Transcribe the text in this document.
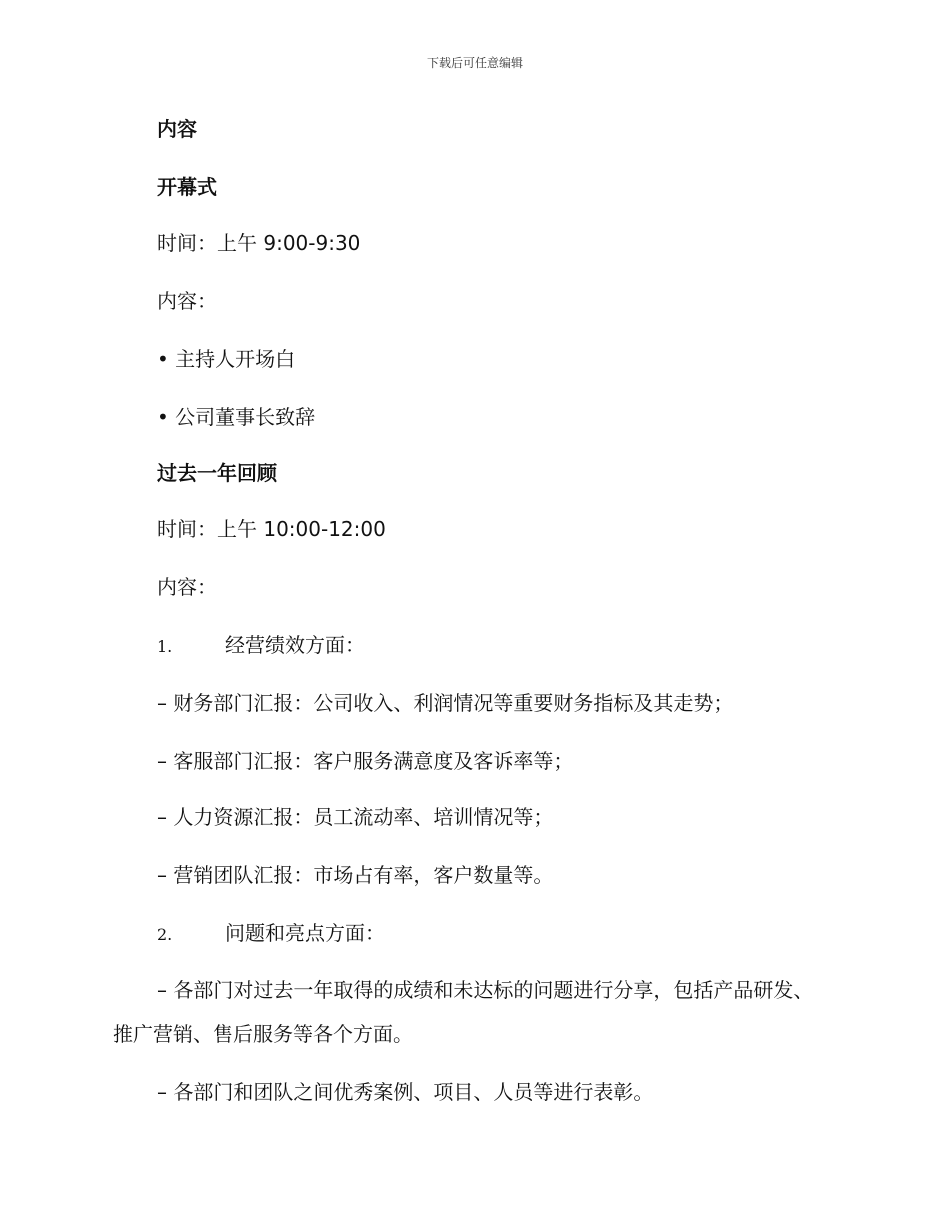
下载后可任意编辑
内容
开幕式
时间：上午 9:00-9:30
内容：
• 主持人开场白
• 公司董事长致辞
过去一年回顾
时间：上午 10:00-12:00
内容：
1.	经营绩效方面：
– 财务部门汇报：公司收入、利润情况等重要财务指标及其走势；
– 客服部门汇报：客户服务满意度及客诉率等；
– 人力资源汇报：员工流动率、培训情况等；
– 营销团队汇报：市场占有率，客户数量等。
2.	问题和亮点方面：
– 各部门对过去一年取得的成绩和未达标的问题进行分享，包括产品研发、推广营销、售后服务等各个方面。
– 各部门和团队之间优秀案例、项目、人员等进行表彰。
